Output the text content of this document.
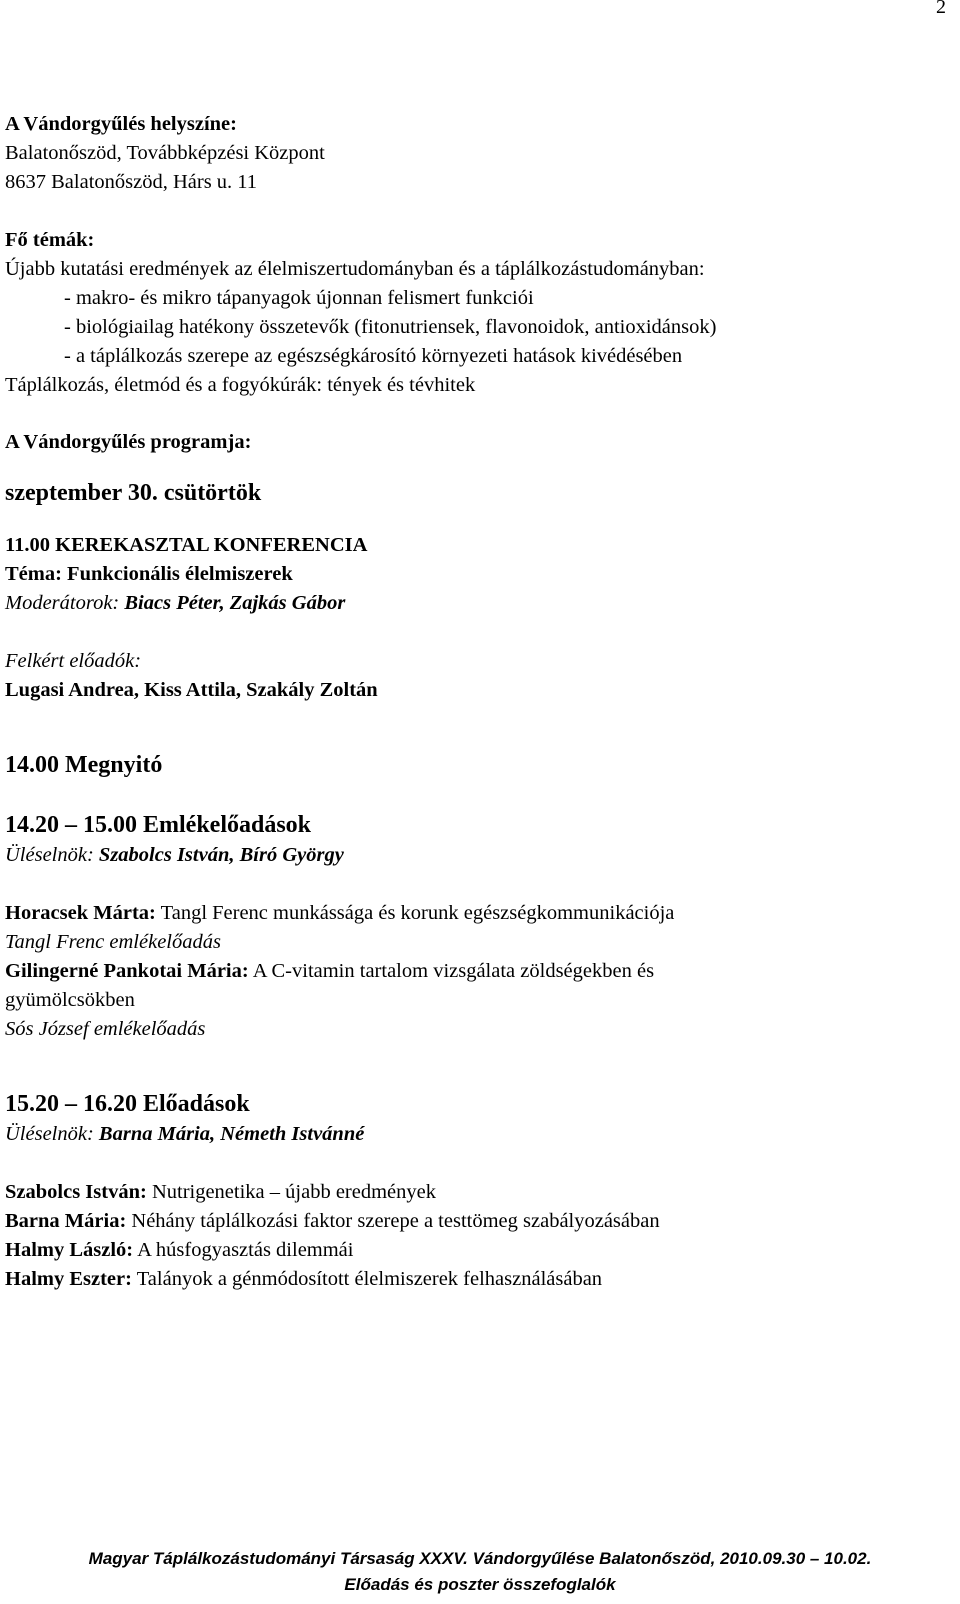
2
A Vándorgyűlés helyszíne:
Balatonőszöd, Továbbképzési Központ
8637 Balatonőszöd, Hárs u. 11
Fő témák:
Újabb kutatási eredmények az élelmiszertudományban és a táplálkozástudományban:
- makro- és mikro tápanyagok újonnan felismert funkciói
- biológiailag hatékony összetevők (fitonutriensek, flavonoidok, antioxidánsok)
- a táplálkozás szerepe az egészségkárosító környezeti hatások kivédésében
Táplálkozás, életmód és a fogyókúrák: tények és tévhitek
A Vándorgyűlés programja:
szeptember 30. csütörtök
11.00 KEREKASZTAL KONFERENCIA
Téma: Funkcionális élelmiszerek
Moderátorok: Biacs Péter, Zajkás Gábor
Felkért előadók:
Lugasi Andrea, Kiss Attila, Szakály Zoltán
14.00 Megnyitó
14.20 – 15.00 Emlékelőadások
Üléselnök: Szabolcs István, Bíró György
Horacsek Márta: Tangl Ferenc munkássága és korunk egészségkommunikációja
Tangl Frenc emlékelőadás
Gilingerné Pankotai Mária: A C-vitamin tartalom vizsgálata zöldségekben és
gyümölcsökben
Sós József emlékelőadás
15.20 – 16.20 Előadások
Üléselnök: Barna Mária, Németh Istvánné
Szabolcs István: Nutrigenetika – újabb eredmények
Barna Mária: Néhány táplálkozási faktor szerepe a testtömeg szabályozásában
Halmy László: A húsfogyasztás dilemmái
Halmy Eszter: Talányok a génmódosított élelmiszerek felhasználásában
Magyar Táplálkozástudományi Társaság XXXV. Vándorgyűlése Balatonőszöd, 2010.09.30 – 10.02.
Előadás és poszter összefoglalók
